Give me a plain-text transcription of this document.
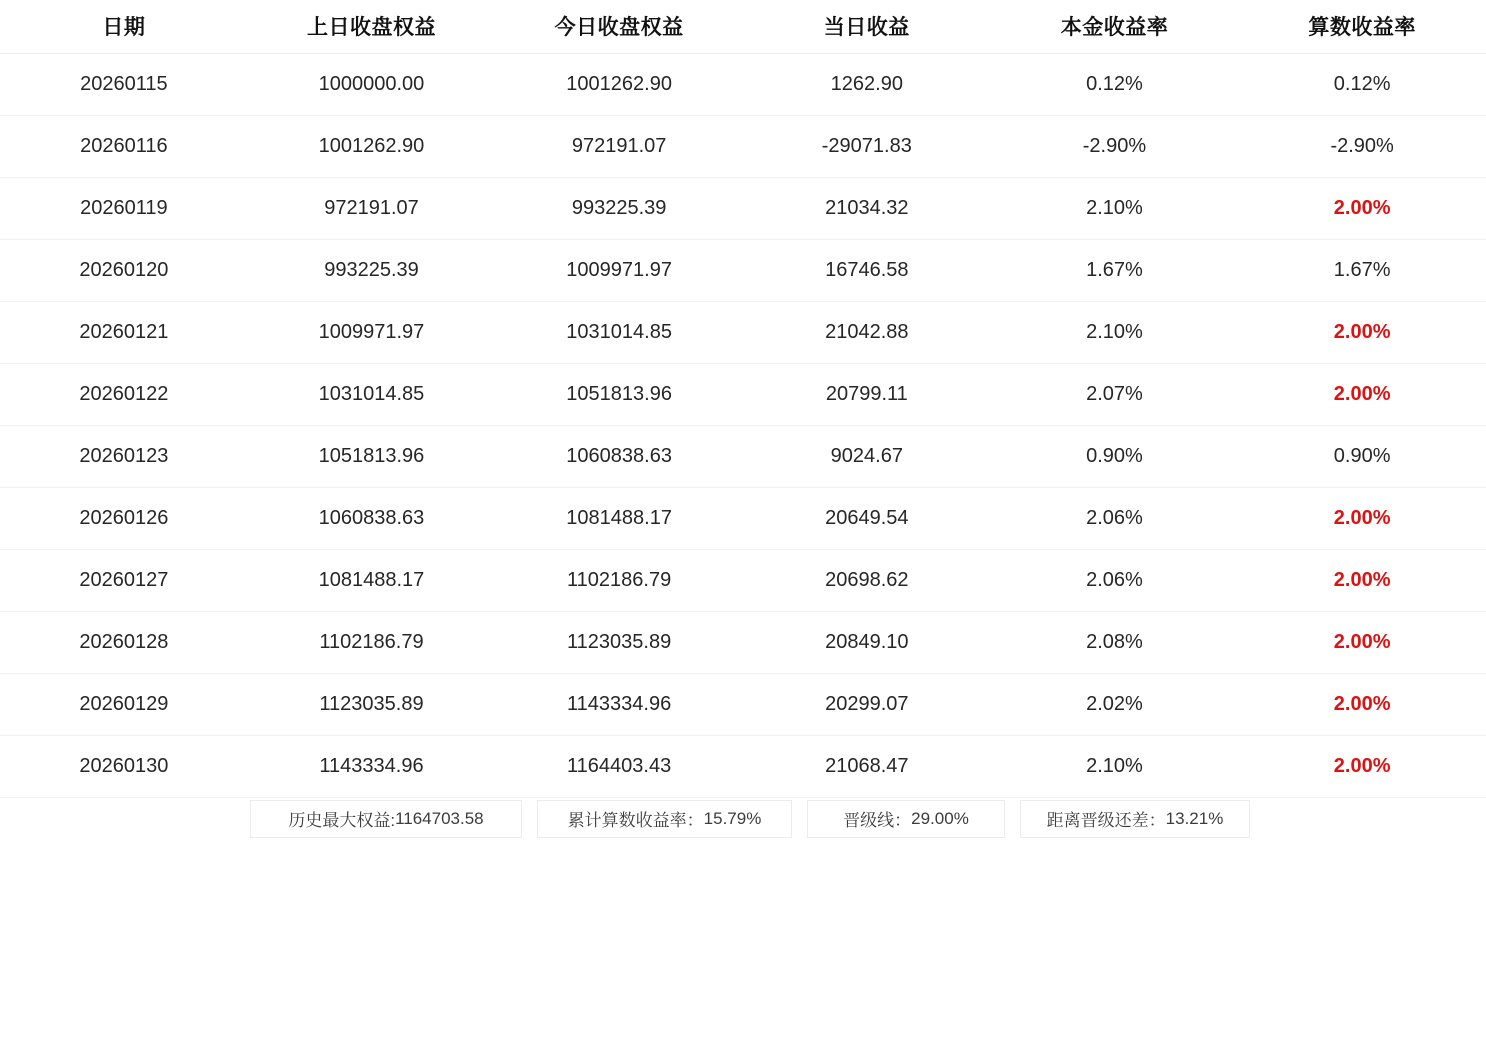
日期	上日收盘权益	今日收盘权益	当日收益	本金收益率	算数收益率
20260115	1000000.00	1001262.90	1262.90	0.12%	0.12%
20260116	1001262.90	972191.07	-29071.83	-2.90%	-2.90%
20260119	972191.07	993225.39	21034.32	2.10%	2.00%
20260120	993225.39	1009971.97	16746.58	1.67%	1.67%
20260121	1009971.97	1031014.85	21042.88	2.10%	2.00%
20260122	1031014.85	1051813.96	20799.11	2.07%	2.00%
20260123	1051813.96	1060838.63	9024.67	0.90%	0.90%
20260126	1060838.63	1081488.17	20649.54	2.06%	2.00%
20260127	1081488.17	1102186.79	20698.62	2.06%	2.00%
20260128	1102186.79	1123035.89	20849.10	2.08%	2.00%
20260129	1123035.89	1143334.96	20299.07	2.02%	2.00%
20260130	1143334.96	1164403.43	21068.47	2.10%	2.00%
历史最大权益: 1164703.58	累计算数收益率： 15.79%	晋级线： 29.00%	距离晋级还差： 13.21%
